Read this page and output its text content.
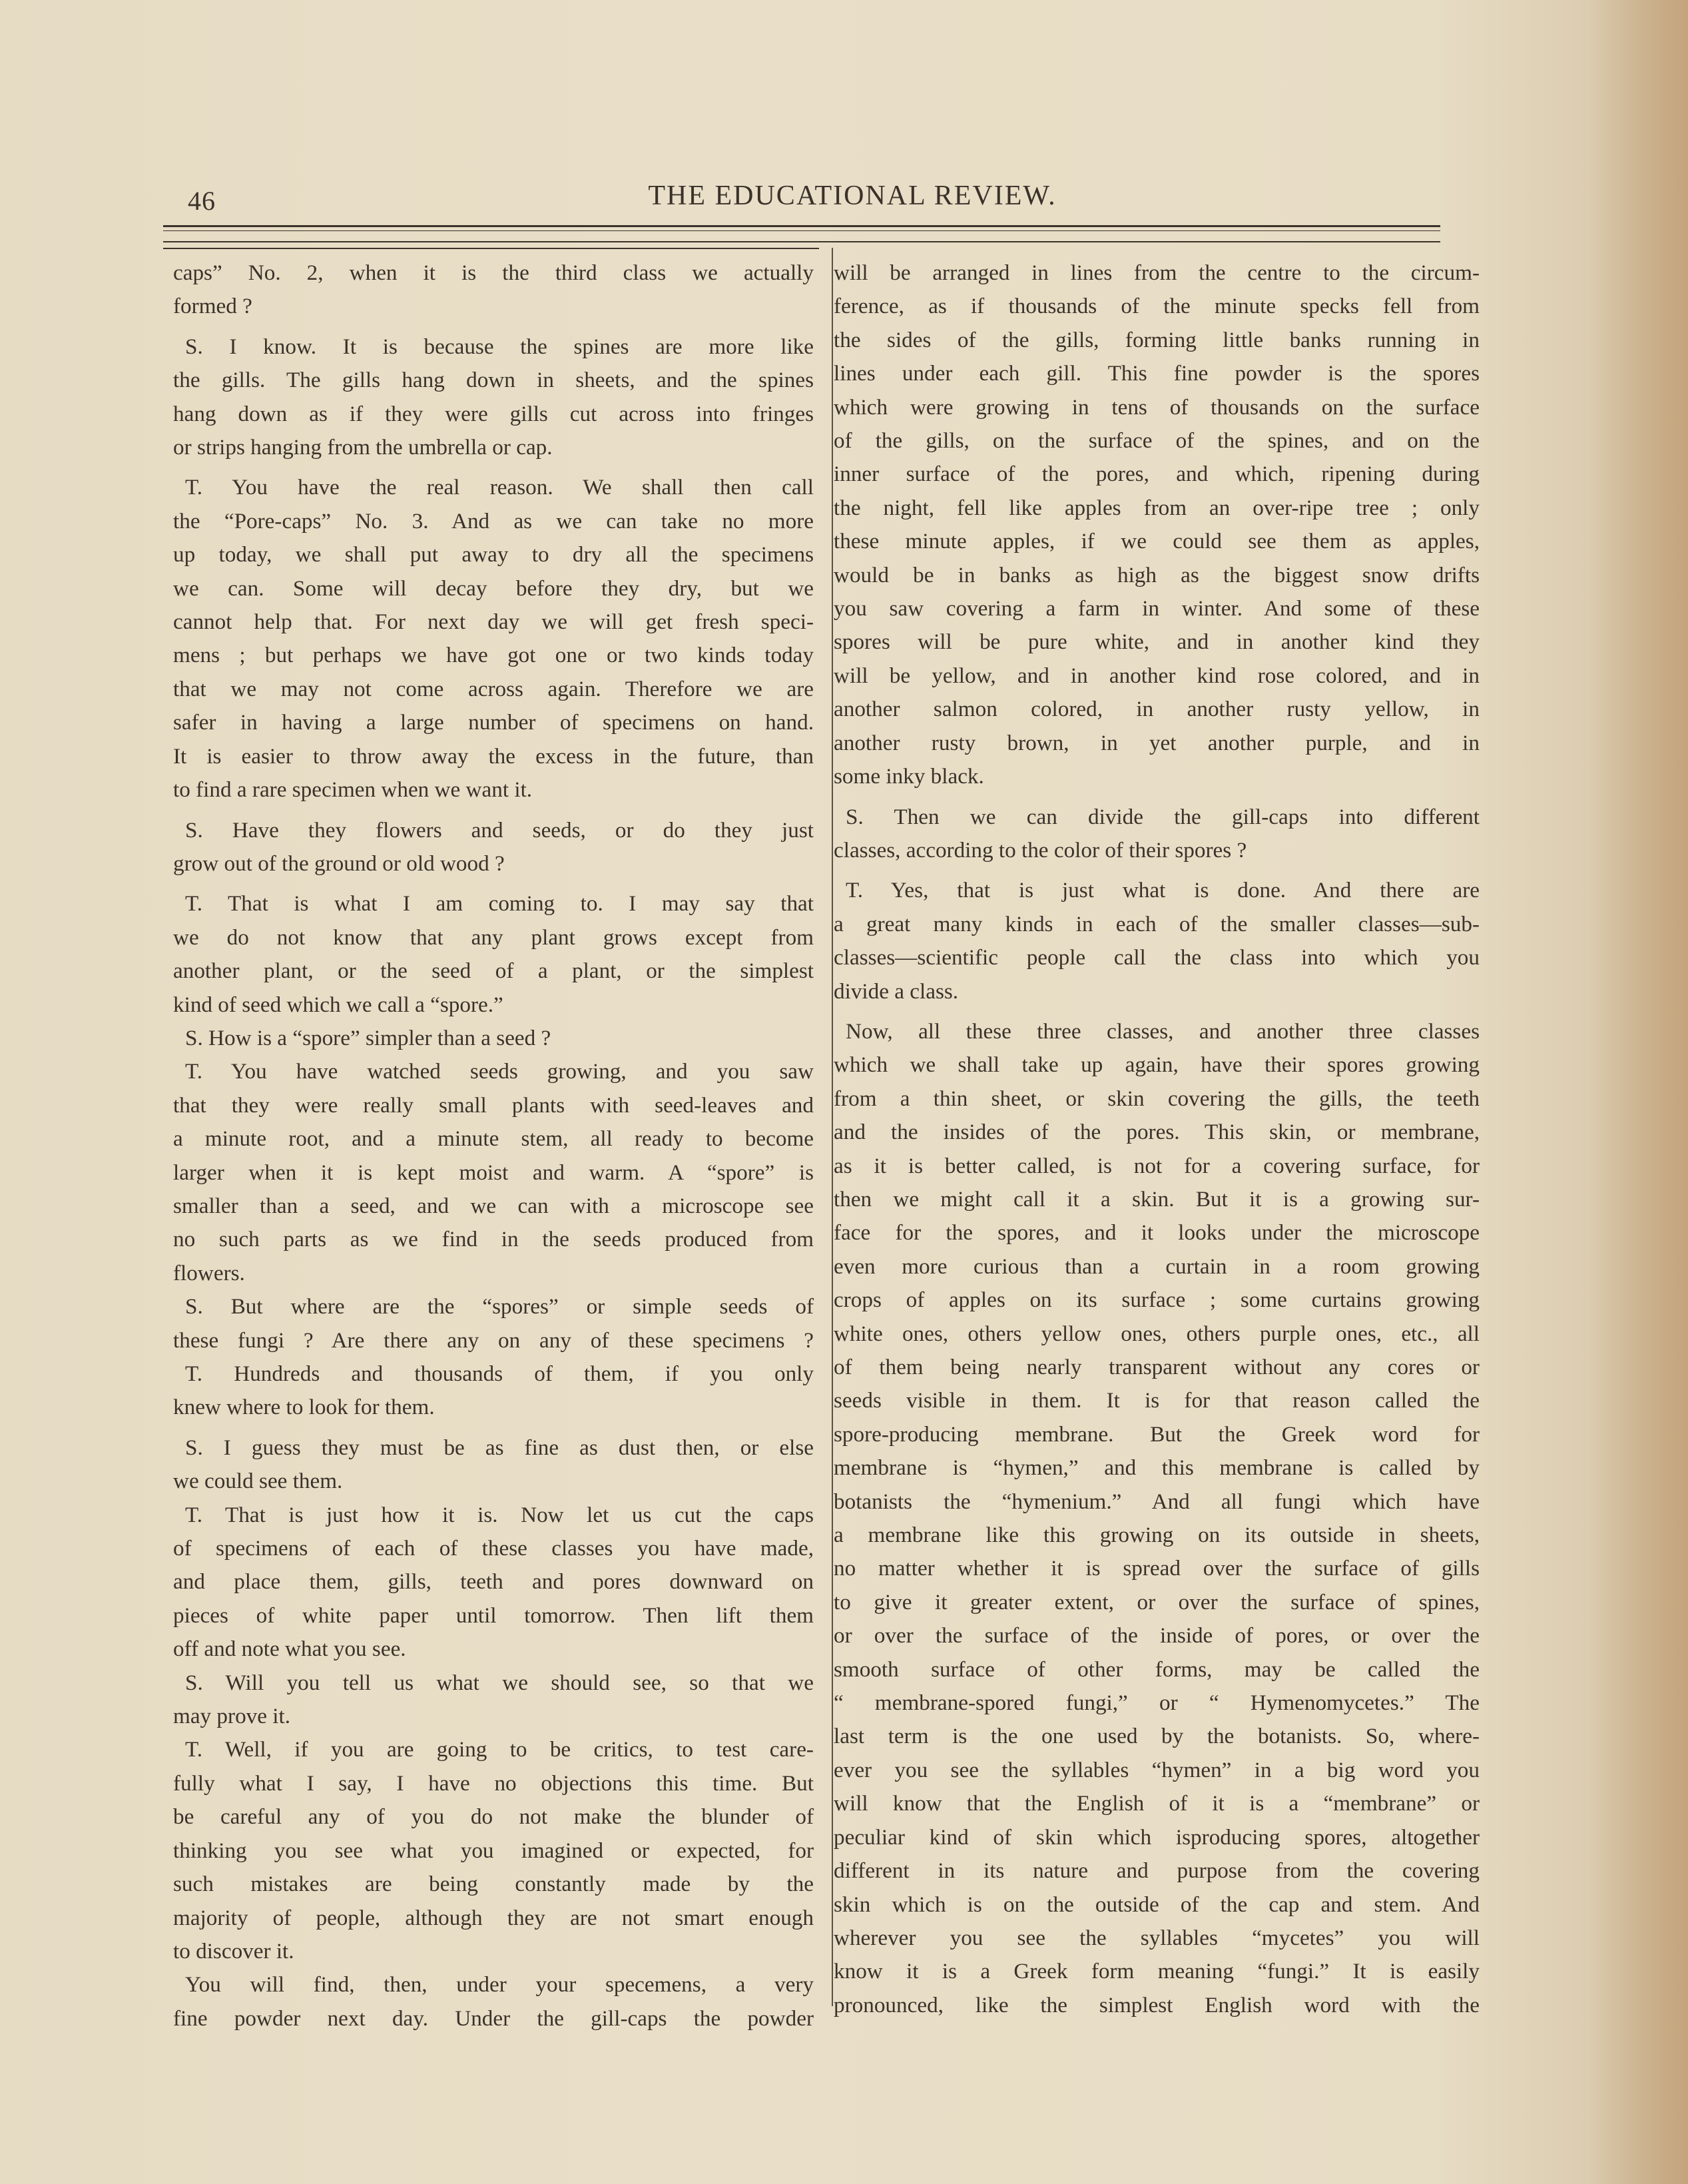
46	THE EDUCATIONAL REVIEW.
caps” No. 2, when it is the third class we actually
formed ?
S. I know. It is because the spines are more like
the gills. The gills hang down in sheets, and the spines
hang down as if they were gills cut across into fringes
or strips hanging from the umbrella or cap.
T. You have the real reason. We shall then call
the “Pore-caps” No. 3. And as we can take no more
up today, we shall put away to dry all the specimens
we can. Some will decay before they dry, but we
cannot help that. For next day we will get fresh speci-
mens ; but perhaps we have got one or two kinds today
that we may not come across again. Therefore we are
safer in having a large number of specimens on hand.
It is easier to throw away the excess in the future, than
to find a rare specimen when we want it.
S. Have they flowers and seeds, or do they just
grow out of the ground or old wood ?
T. That is what I am coming to. I may say that
we do not know that any plant grows except from
another plant, or the seed of a plant, or the simplest
kind of seed which we call a “spore.”
S. How is a “spore” simpler than a seed ?
T. You have watched seeds growing, and you saw
that they were really small plants with seed-leaves and
a minute root, and a minute stem, all ready to become
larger when it is kept moist and warm. A “spore” is
smaller than a seed, and we can with a microscope see
no such parts as we find in the seeds produced from
flowers.
S. But where are the “spores” or simple seeds of
these fungi ? Are there any on any of these specimens ?
T. Hundreds and thousands of them, if you only
knew where to look for them.
S. I guess they must be as fine as dust then, or else
we could see them.
T. That is just how it is. Now let us cut the caps
of specimens of each of these classes you have made,
and place them, gills, teeth and pores downward on
pieces of white paper until tomorrow. Then lift them
off and note what you see.
S. Will you tell us what we should see, so that we
may prove it.
T. Well, if you are going to be critics, to test care-
fully what I say, I have no objections this time. But
be careful any of you do not make the blunder of
thinking you see what you imagined or expected, for
such mistakes are being constantly made by the
majority of people, although they are not smart enough
to discover it.
You will find, then, under your specemens, a very
fine powder next day. Under the gill-caps the powder
will be arranged in lines from the centre to the circum-
ference, as if thousands of the minute specks fell from
the sides of the gills, forming little banks running in
lines under each gill. This fine powder is the spores
which were growing in tens of thousands on the surface
of the gills, on the surface of the spines, and on the
inner surface of the pores, and which, ripening during
the night, fell like apples from an over-ripe tree ; only
these minute apples, if we could see them as apples,
would be in banks as high as the biggest snow drifts
you saw covering a farm in winter. And some of these
spores will be pure white, and in another kind they
will be yellow, and in another kind rose colored, and in
another salmon colored, in another rusty yellow, in
another rusty brown, in yet another purple, and in
some inky black.
S. Then we can divide the gill-caps into different
classes, according to the color of their spores ?
T. Yes, that is just what is done. And there are
a great many kinds in each of the smaller classes—sub-
classes—scientific people call the class into which you
divide a class.
Now, all these three classes, and another three classes
which we shall take up again, have their spores growing
from a thin sheet, or skin covering the gills, the teeth
and the insides of the pores. This skin, or membrane,
as it is better called, is not for a covering surface, for
then we might call it a skin. But it is a growing sur-
face for the spores, and it looks under the microscope
even more curious than a curtain in a room growing
crops of apples on its surface ; some curtains growing
white ones, others yellow ones, others purple ones, etc., all
of them being nearly transparent without any cores or
seeds visible in them. It is for that reason called the
spore-producing membrane. But the Greek word for
membrane is “hymen,” and this membrane is called by
botanists the “hymenium.” And all fungi which have
a membrane like this growing on its outside in sheets,
no matter whether it is spread over the surface of gills
to give it greater extent, or over the surface of spines,
or over the surface of the inside of pores, or over the
smooth surface of other forms, may be called the
“ membrane-spored fungi,” or “ Hymenomycetes.” The
last term is the one used by the botanists. So, where-
ever you see the syllables “hymen” in a big word you
will know that the English of it is a “membrane” or
peculiar kind of skin which isproducing spores, altogether
different in its nature and purpose from the covering
skin which is on the outside of the cap and stem. And
wherever you see the syllables “mycetes” you will
know it is a Greek form meaning “fungi.” It is easily
pronounced, like the simplest English word with the
